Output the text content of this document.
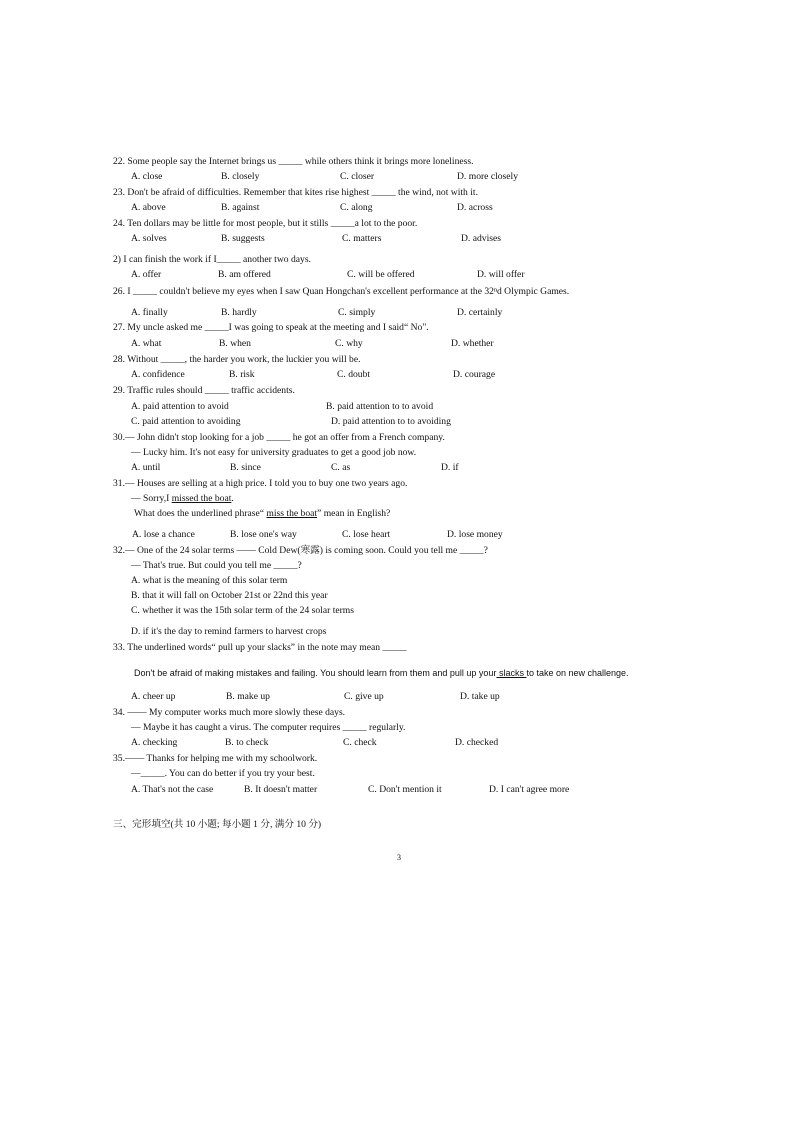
22. Some people say the Internet brings us _____ while others think it brings more loneliness.
A. close	B. closely	C. closer	D. more closely
23. Don't be afraid of difficulties. Remember that kites rise highest _____ the wind, not with it.
A. above	B. against	C. along	D. across
24. Ten dollars may be little for most people, but it stills _____a lot to the poor.
A. solves	B. suggests	C. matters	D. advises
2) I can finish the work if I_____ another two days.
A. offer	B. am offered	C. will be offered	D. will offer
26. I _____ couldn't believe my eyes when I saw Quan Hongchan's excellent performance at the 32ⁿd Olympic Games.
A. finally	B. hardly	C. simply	D. certainly
27. My uncle asked me _____I was going to speak at the meeting and I said“ No".
A. what	B. when	C. why	D. whether
28. Without _____, the harder you work, the luckier you will be.
A. confidence	B. risk	C. doubt	D. courage
29. Traffic rules should _____ traffic accidents.
A. paid attention to avoid	B. paid attention to to avoid
C. paid attention to avoiding	D. paid attention to to avoiding
30.— John didn't stop looking for a job _____ he got an offer from a French company.
— Lucky him. It's not easy for university graduates to get a good job now.
A. until	B. since	C. as	D. if
31.— Houses are selling at a high price. I told you to buy one two years ago.
— Sorry,I missed the boat.
What does the underlined phrase“ miss the boat” mean in English?
A. lose a chance	B. lose one's way	C. lose heart	D. lose money
32.— One of the 24 solar terms —— Cold Dew(寒露) is coming soon. Could you tell me _____?
— That's true. But could you tell me _____?
A. what is the meaning of this solar term
B. that it will fall on October 21st or 22nd this year
C. whether it was the 15th solar term of the 24 solar terms
D. if it's the day to remind farmers to harvest crops
33. The underlined words“ pull up your slacks” in the note may mean _____
Don't be afraid of making mistakes and failing. You should learn from them and pull up your slacks to take on new challenge.
A. cheer up	B. make up	C. give up	D. take up
34. —— My computer works much more slowly these days.
— Maybe it has caught a virus. The computer requires _____ regularly.
A. checking	B. to check	C. check	D. checked
35.—— Thanks for helping me with my schoolwork.
—_____. You can do better if you try your best.
A. That's not the case	B. It doesn't matter	C. Don't mention it	D. I can't agree more
三、完形填空(共 10 小题; 每小题 1 分, 满分 10 分)
3
